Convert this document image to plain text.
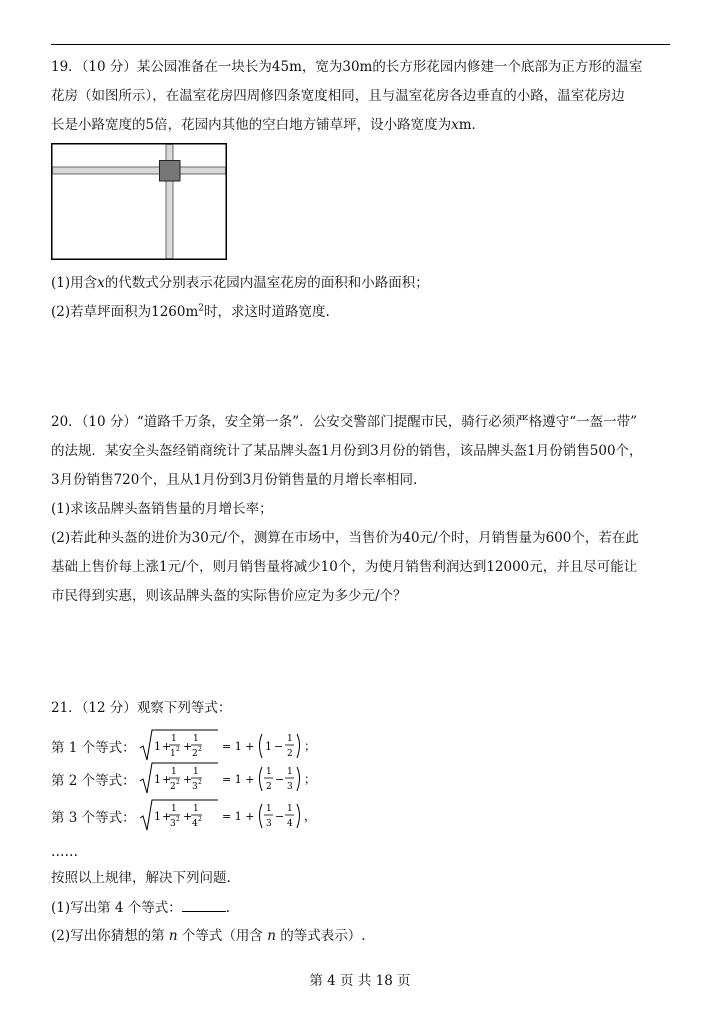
19．（10 分）某公园准备在一块长为45m，宽为30m的长方形花园内修建一个底部为正方形的温室
花房（如图所示），在温室花房四周修四条宽度相同，且与温室花房各边垂直的小路，温室花房边
长是小路宽度的5倍，花园内其他的空白地方铺草坪，设小路宽度为xm．
(1)用含x的代数式分别表示花园内温室花房的面积和小路面积；
(2)若草坪面积为$1260m^2$时，求这时道路宽度.
20．（10 分）“道路千万条，安全第一条”．公安交警部门提醒市民，骑行必须严格遵守“一盔一带”
的法规．某安全头盔经销商统计了某品牌头盔1月份到3月份的销售，该品牌头盔1月份销售500个，
3月份销售720个，且从1月份到3月份销售量的月增长率相同.
(1)求该品牌头盔销售量的月增长率；
(2)若此种头盔的进价为30元/个，测算在市场中，当售价为40元/个时，月销售量为600个，若在此
基础上售价每上涨1元/个，则月销售量将减少10个，为使月销售利润达到12000元，并且尽可能让
市民得到实惠，则该品牌头盔的实际售价应定为多少元/个？
21．（12 分）观察下列等式：
第 1 个等式： 1 +
1
1 2 +
1
2 2 = 1 + 1 −
1
2
；
第 2 个等式： 1 +
1
2 2 +
1
3 2 = 1 +
1
2
−
1
3
；
第 3 个等式： 1 +
1
3 2 +
1
4 2 = 1 +
1
3
−
1
4
，
……
按照以上规律，解决下列问题.
(1)写出第 4 个等式：	.
(2)写出你猜想的第 n 个等式（用含 n 的等式表示）.
第 4 页 共 18 页
